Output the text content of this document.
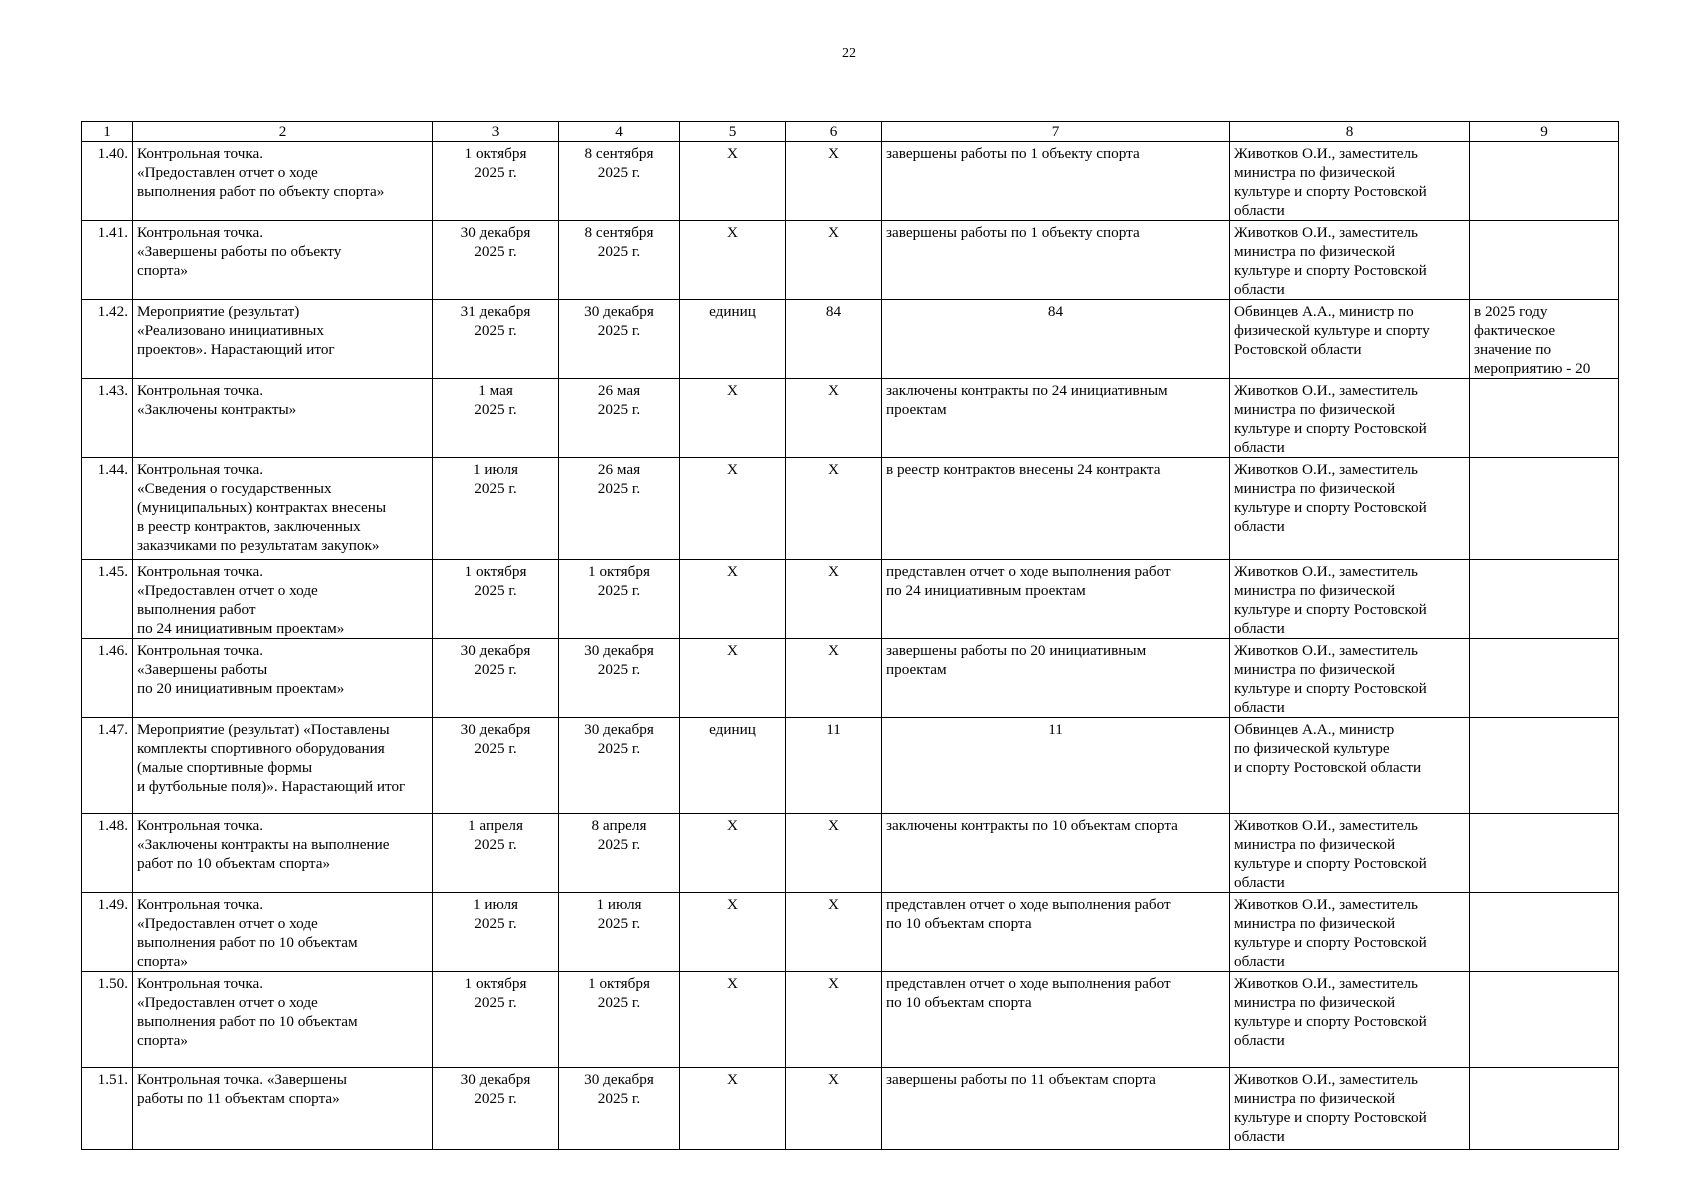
22
1	2	3	4	5	6	7	8	9
1.40.	Контрольная точка.
«Предоставлен отчет о ходе
выполнения работ по объекту спорта»	1 октября
2025 г.	8 сентября
2025 г.	X	X	завершены работы по 1 объекту спорта	Животков О.И., заместитель
министра по физической
культуре и спорту Ростовской
области	

1.41.	Контрольная точка.
«Завершены работы по объекту
спорта»	30 декабря
2025 г.	8 сентября
2025 г.	X	X	завершены работы по 1 объекту спорта	Животков О.И., заместитель
министра по физической
культуре и спорту Ростовской
области	

1.42.	Мероприятие (результат)
«Реализовано инициативных
проектов». Нарастающий итог	31 декабря
2025 г.	30 декабря
2025 г.	единиц	84	84	Обвинцев А.А., министр по
физической культуре и спорту
Ростовской области	в 2025 году
фактическое
значение по
мероприятию - 20

1.43.	Контрольная точка.
«Заключены контракты»	1 мая
2025 г.	26 мая
2025 г.	X	X	заключены контракты по 24 инициативным
проектам	Животков О.И., заместитель
министра по физической
культуре и спорту Ростовской
области	

1.44.	Контрольная точка.
«Сведения о государственных
(муниципальных) контрактах внесены
в реестр контрактов, заключенных
заказчиками по результатам закупок»	1 июля
2025 г.	26 мая
2025 г.	X	X	в реестр контрактов внесены 24 контракта	Животков О.И., заместитель
министра по физической
культуре и спорту Ростовской
области	

1.45.	Контрольная точка.
«Предоставлен отчет о ходе
выполнения работ
по 24 инициативным проектам»	1 октября
2025 г.	1 октября
2025 г.	X	X	представлен отчет о ходе выполнения работ
по 24 инициативным проектам	Животков О.И., заместитель
министра по физической
культуре и спорту Ростовской
области	

1.46.	Контрольная точка.
«Завершены работы
по 20 инициативным проектам»	30 декабря
2025 г.	30 декабря
2025 г.	X	X	завершены работы по 20 инициативным
проектам	Животков О.И., заместитель
министра по физической
культуре и спорту Ростовской
области	

1.47.	Мероприятие (результат) «Поставлены
комплекты спортивного оборудования
(малые спортивные формы
и футбольные поля)». Нарастающий итог	30 декабря
2025 г.	30 декабря
2025 г.	единиц	11	11	Обвинцев А.А., министр
по физической культуре
и спорту Ростовской области	

1.48.	Контрольная точка.
«Заключены контракты на выполнение
работ по 10 объектам спорта»	1 апреля
2025 г.	8 апреля
2025 г.	X	X	заключены контракты по 10 объектам спорта	Животков О.И., заместитель
министра по физической
культуре и спорту Ростовской
области	

1.49.	Контрольная точка.
«Предоставлен отчет о ходе
выполнения работ по 10 объектам
спорта»	1 июля
2025 г.	1 июля
2025 г.	X	X	представлен отчет о ходе выполнения работ
по 10 объектам спорта	Животков О.И., заместитель
министра по физической
культуре и спорту Ростовской
области	

1.50.	Контрольная точка.
«Предоставлен отчет о ходе
выполнения работ по 10 объектам
спорта»	1 октября
2025 г.	1 октября
2025 г.	X	X	представлен отчет о ходе выполнения работ
по 10 объектам спорта	Животков О.И., заместитель
министра по физической
культуре и спорту Ростовской
области	

1.51.	Контрольная точка. «Завершены
работы по 11 объектам спорта»	30 декабря
2025 г.	30 декабря
2025 г.	X	X	завершены работы по 11 объектам спорта	Животков О.И., заместитель
министра по физической
культуре и спорту Ростовской
области	
